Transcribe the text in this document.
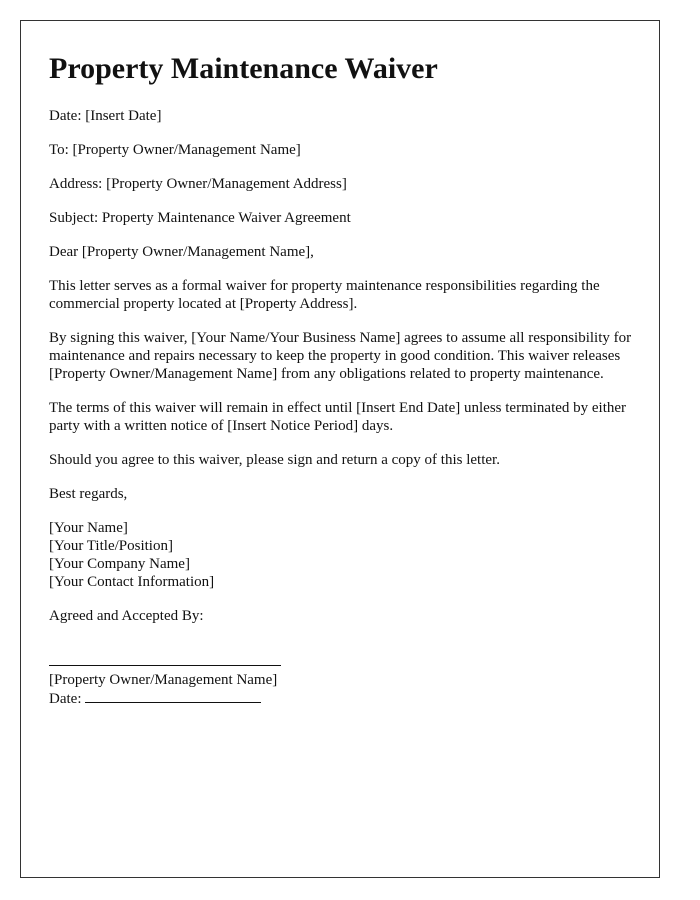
Property Maintenance Waiver

Date: [Insert Date]

To: [Property Owner/Management Name]

Address: [Property Owner/Management Address]

Subject: Property Maintenance Waiver Agreement

Dear [Property Owner/Management Name],

This letter serves as a formal waiver for property maintenance responsibilities regarding the commercial property located at [Property Address].

By signing this waiver, [Your Name/Your Business Name] agrees to assume all responsibility for maintenance and repairs necessary to keep the property in good condition. This waiver releases [Property Owner/Management Name] from any obligations related to property maintenance.

The terms of this waiver will remain in effect until [Insert End Date] unless terminated by either party with a written notice of [Insert Notice Period] days.

Should you agree to this waiver, please sign and return a copy of this letter.

Best regards,

[Your Name]

[Your Title/Position]

[Your Company Name]

[Your Contact Information]

Agreed and Accepted By:

[Property Owner/Management Name]

Date:
